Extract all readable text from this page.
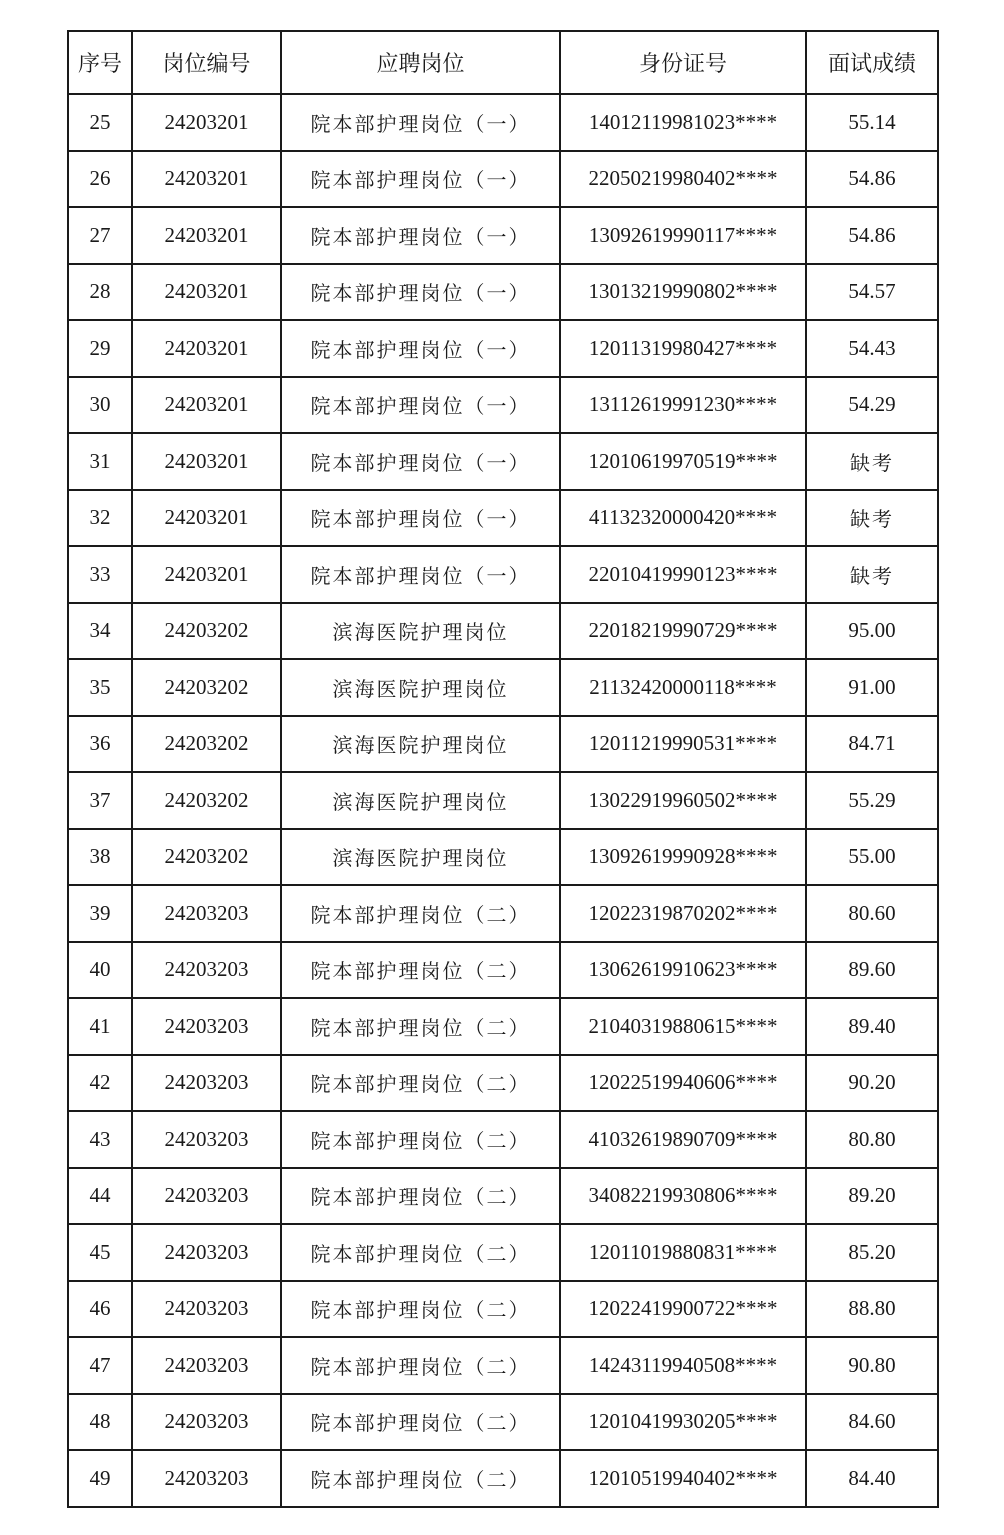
序号	岗位编号	应聘岗位	身份证号	面试成绩
25	24203201	院本部护理岗位（一）	14012119981023****	55.14
26	24203201	院本部护理岗位（一）	22050219980402****	54.86
27	24203201	院本部护理岗位（一）	13092619990117****	54.86
28	24203201	院本部护理岗位（一）	13013219990802****	54.57
29	24203201	院本部护理岗位（一）	12011319980427****	54.43
30	24203201	院本部护理岗位（一）	13112619991230****	54.29
31	24203201	院本部护理岗位（一）	12010619970519****	缺考
32	24203201	院本部护理岗位（一）	41132320000420****	缺考
33	24203201	院本部护理岗位（一）	22010419990123****	缺考
34	24203202	滨海医院护理岗位	22018219990729****	95.00
35	24203202	滨海医院护理岗位	21132420000118****	91.00
36	24203202	滨海医院护理岗位	12011219990531****	84.71
37	24203202	滨海医院护理岗位	13022919960502****	55.29
38	24203202	滨海医院护理岗位	13092619990928****	55.00
39	24203203	院本部护理岗位（二）	12022319870202****	80.60
40	24203203	院本部护理岗位（二）	13062619910623****	89.60
41	24203203	院本部护理岗位（二）	21040319880615****	89.40
42	24203203	院本部护理岗位（二）	12022519940606****	90.20
43	24203203	院本部护理岗位（二）	41032619890709****	80.80
44	24203203	院本部护理岗位（二）	34082219930806****	89.20
45	24203203	院本部护理岗位（二）	12011019880831****	85.20
46	24203203	院本部护理岗位（二）	12022419900722****	88.80
47	24203203	院本部护理岗位（二）	14243119940508****	90.80
48	24203203	院本部护理岗位（二）	12010419930205****	84.60
49	24203203	院本部护理岗位（二）	12010519940402****	84.40
